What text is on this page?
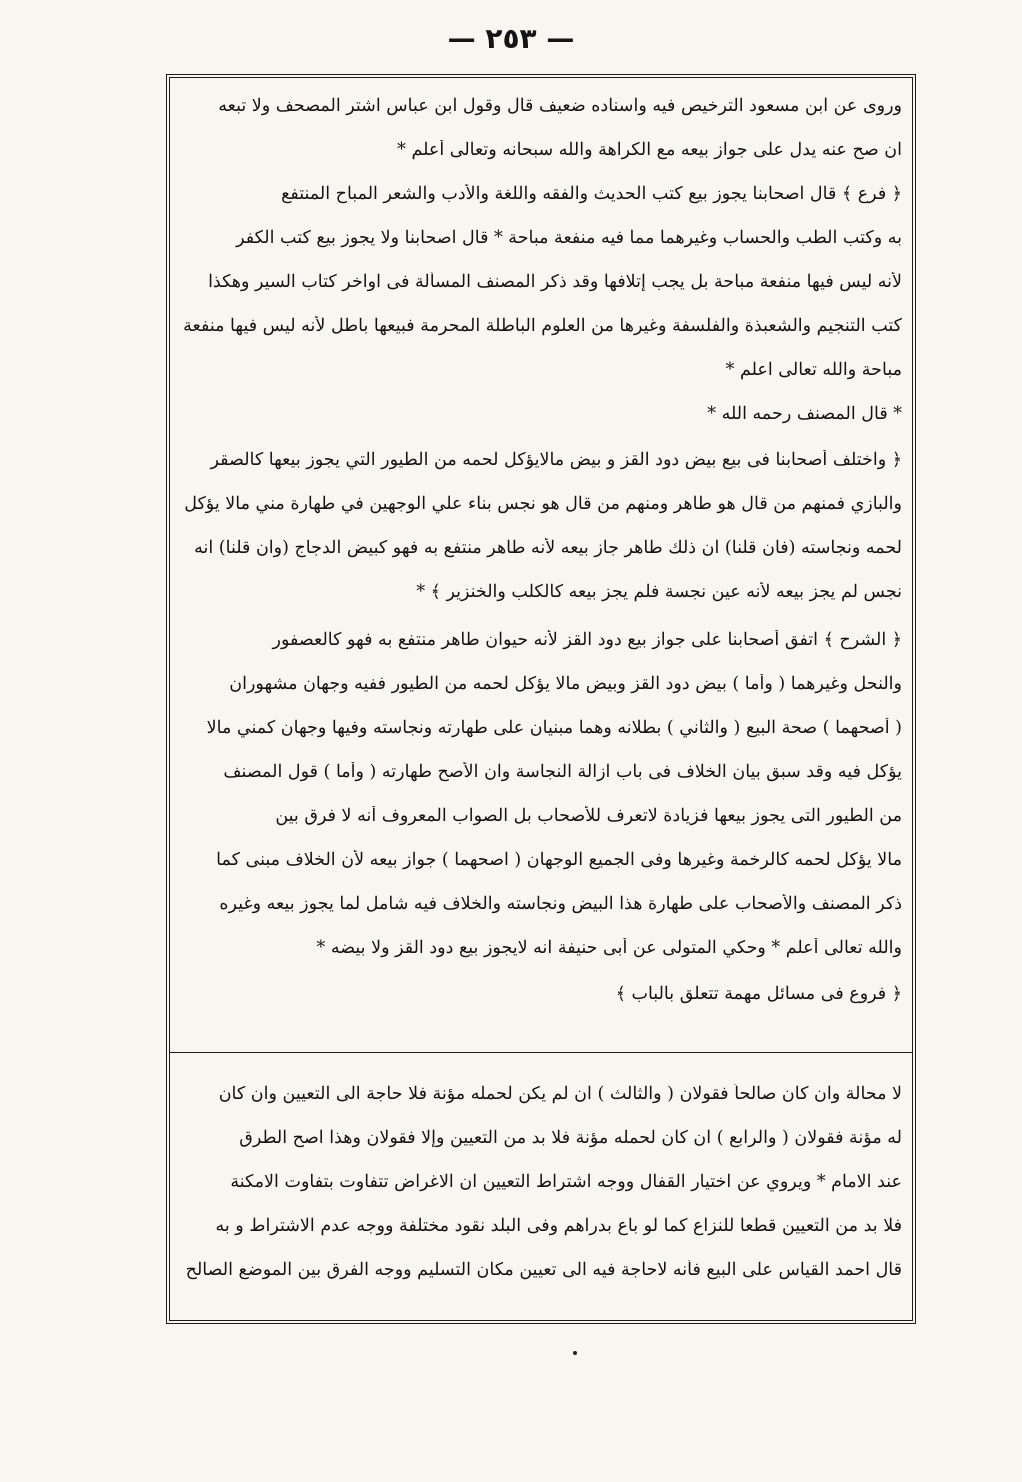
— ٢٥٣ —
وروى عن ابن مسعود الترخيص فيه واسناده ضعيف قال وقول ابن عباس اشتر المصحف ولا تبعه
ان صح عنه يدل على جواز بيعه مع الكراهة والله سبحانه وتعالى أعلم *
﴿ فرع ﴾ قال اصحابنا يجوز بيع كتب الحديث والفقه واللغة والأدب والشعر المباح المنتفع
به وكتب الطب والحساب وغيرهما مما فيه منفعة مباحة * قال اصحابنا ولا يجوز بيع كتب الكفر
لأنه ليس فيها منفعة مباحة بل يجب إتلافها وقد ذكر المصنف المسألة فى اواخر كتاب السير وهكذا
كتب التنجيم والشعبذة والفلسفة وغيرها من العلوم الباطلة المحرمة فبيعها باطل لأنه ليس فيها منفعة
مباحة والله تعالى اعلم *
* قال المصنف رحمه الله *
﴿ واختلف أصحابنا فى بيع بيض دود القز و بيض مالايؤكل لحمه من الطيور التي يجوز بيعها كالصقر
والبازي فمنهم من قال هو طاهر ومنهم من قال هو نجس بناء علي الوجهين في طهارة مني مالا يؤكل
لحمه ونجاسته (فان قلنا) ان ذلك طاهر جاز بيعه لأنه طاهر منتفع به فهو كبيض الدجاج (وان قلنا) انه
نجس لم يجز بيعه لأنه عين نجسة فلم يجز بيعه كالكلب والخنزير ﴾ *
﴿ الشرح ﴾ اتفق أصحابنا على جواز بيع دود القز لأنه حيوان طاهر منتفع به فهو كالعصفور
والنحل وغيرهما ( وأما ) بيض دود القز وبيض مالا يؤكل لحمه من الطيور ففيه وجهان مشهوران
( أصحهما ) صحة البيع ( والثاني ) بطلانه وهما مبنيان على طهارته ونجاسته وفيها وجهان كمني مالا
يؤكل فيه وقد سبق بيان الخلاف فى باب ازالة النجاسة وان الأصح طهارته ( وأما ) قول المصنف
من الطيور التى يجوز بيعها فزيادة لاتعرف للأصحاب بل الصواب المعروف أنه لا فرق بين
مالا يؤكل لحمه كالرخمة وغيرها وفى الجميع الوجهان ( اصحهما ) جواز بيعه لأن الخلاف مبنى كما
ذكر المصنف والأصحاب على طهارة هذا البيض ونجاسته والخلاف فيه شامل لما يجوز بيعه وغيره
والله تعالى أعلم * وحكي المتولى عن أبى حنيفة انه لايجوز بيع دود القز ولا بيضه *
﴿ فروع فى مسائل مهمة تتعلق بالباب ﴾
لا محالة وان كان صالحاً فقولان ( والثالث ) ان لم يكن لحمله مؤنة فلا حاجة الى التعيين وان كان
له مؤنة فقولان ( والرابع ) ان كان لحمله مؤنة فلا بد من التعيين وإلا فقولان وهذا اصح الطرق
عند الامام * ويروي عن اختيار القفال ووجه اشتراط التعيين ان الاغراض تتفاوت بتفاوت الامكنة
فلا بد من التعيين قطعا للنزاع كما لو باع بدراهم وفى البلد نقود مختلفة ووجه عدم الاشتراط و به
قال احمد القياس على البيع فأنه لاحاجة فيه الى تعيين مكان التسليم ووجه الفرق بين الموضع الصالح
